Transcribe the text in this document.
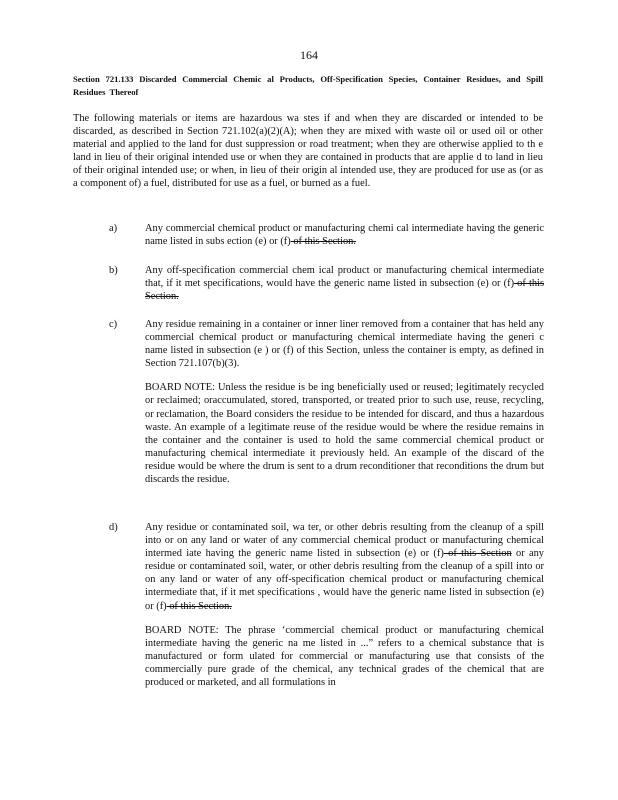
164
Section 721.133 Discarded Commercial Chemic al Products, Off-Specification Species, Container Residues, and Spill Residues Thereof
The following materials or items are hazardous wa stes if and when they are discarded or intended to be discarded, as described in Section 721.102(a)(2)(A); when they are mixed with waste oil or used oil or other material and applied to the land for dust suppression or road treatment; when they are otherwise applied to th e land in lieu of their original intended use or when they are contained in products that are applie d to land in lieu of their original intended use; or when, in lieu of their origin al intended use, they are produced for use as (or as a component of) a fuel, distributed for use as a fuel, or burned as a fuel.
a)	Any commercial chemical product or manufacturing chemi cal intermediate having the generic name listed in subs ection (e) or (f) of this Section.
b)	Any off-specification commercial chem ical product or manufacturing chemical intermediate that, if it met specifications, would have the generic name listed in subsection (e) or (f) of this Section.
c)	Any residue remaining in a container or inner liner removed from a container that has held any commercial chemical product or manufacturing chemical intermediate having the generi c name listed in subsection (e ) or (f) of this Section, unless the container is empty, as defined in Section 721.107(b)(3).
BOARD NOTE: Unless the residue is be ing beneficially used or reused; legitimately recycled or reclaimed; oraccumulated, stored, transported, or treated prior to such use, reuse, recycling, or reclamation, the Board considers the residue to be intended for discard, and thus a hazardous waste. An example of a legitimate reuse of the residue would be where the residue remains in the container and the container is used to hold the same commercial chemical product or manufacturing chemical intermediate it previously held. An example of the discard of the residue would be where the drum is sent to a drum reconditioner that reconditions the drum but discards the residue.
d)	Any residue or contaminated soil, wa ter, or other debris resulting from the cleanup of a spill into or on any land or water of any commercial chemical product or manufacturing chemical intermed iate having the generic name listed in subsection (e) or (f) of this Section or any residue or contaminated soil, water, or other debris resulting from the cleanup of a spill into or on any land or water of any off-specification chemical product or manufacturing chemical intermediate that, if it met specifications , would have the generic name listed in subsection (e) or (f) of this Section.
BOARD NOTE: The phrase ‘commercial chemical product or manufacturing chemical intermediate having the generic na me listed in ...” refers to a chemical substance that is manufactured or form ulated for commercial or manufacturing use that consists of the commercially pure grade of the chemical, any technical grades of the chemical that are produced or marketed, and all formulations in
